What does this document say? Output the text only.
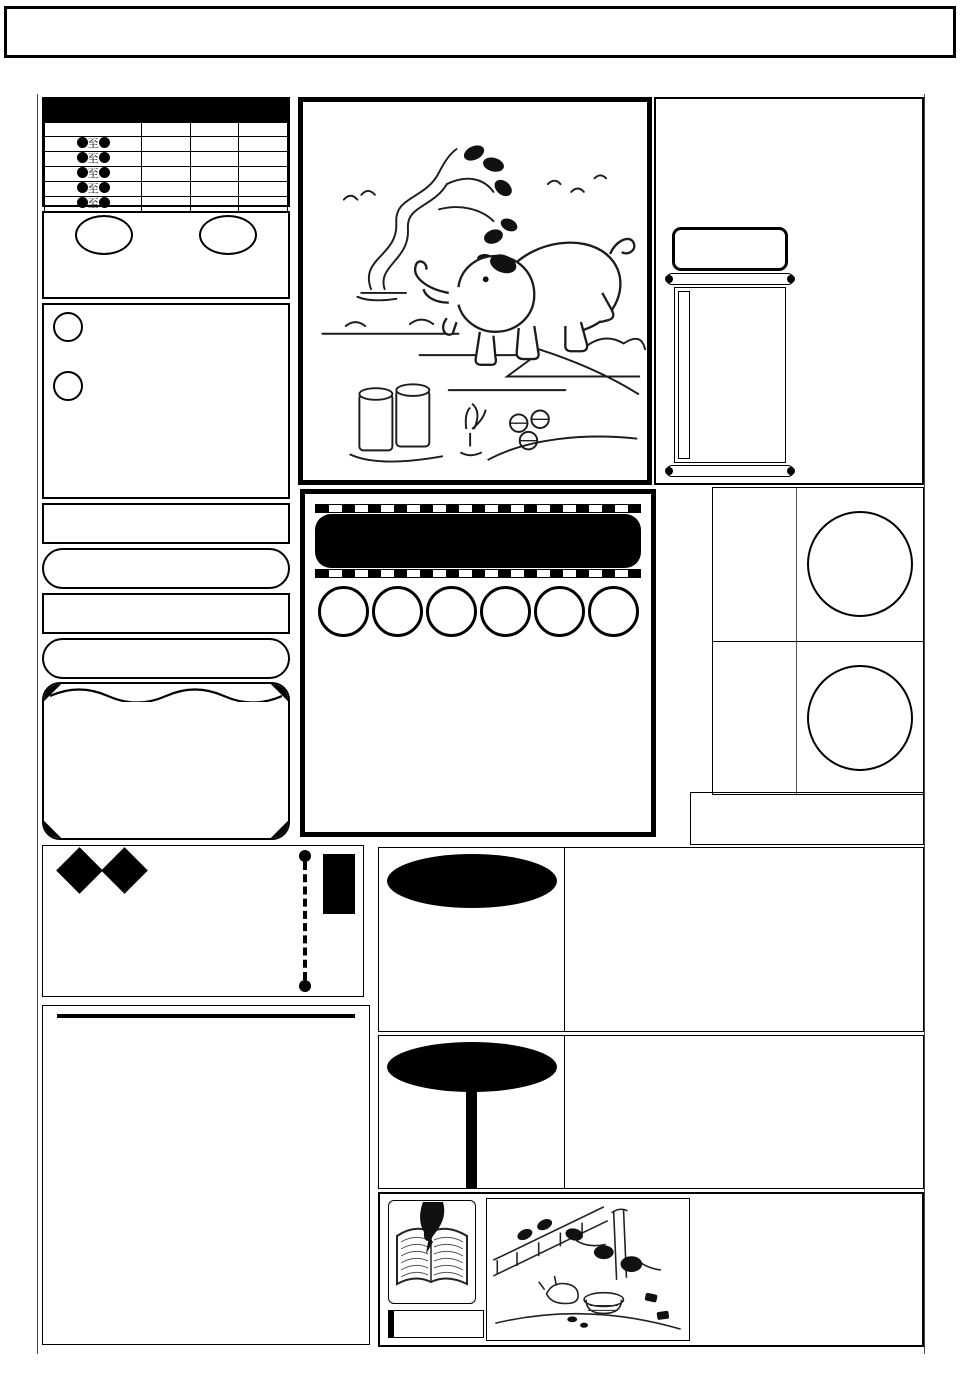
至			
至			
至			
至			
至			
